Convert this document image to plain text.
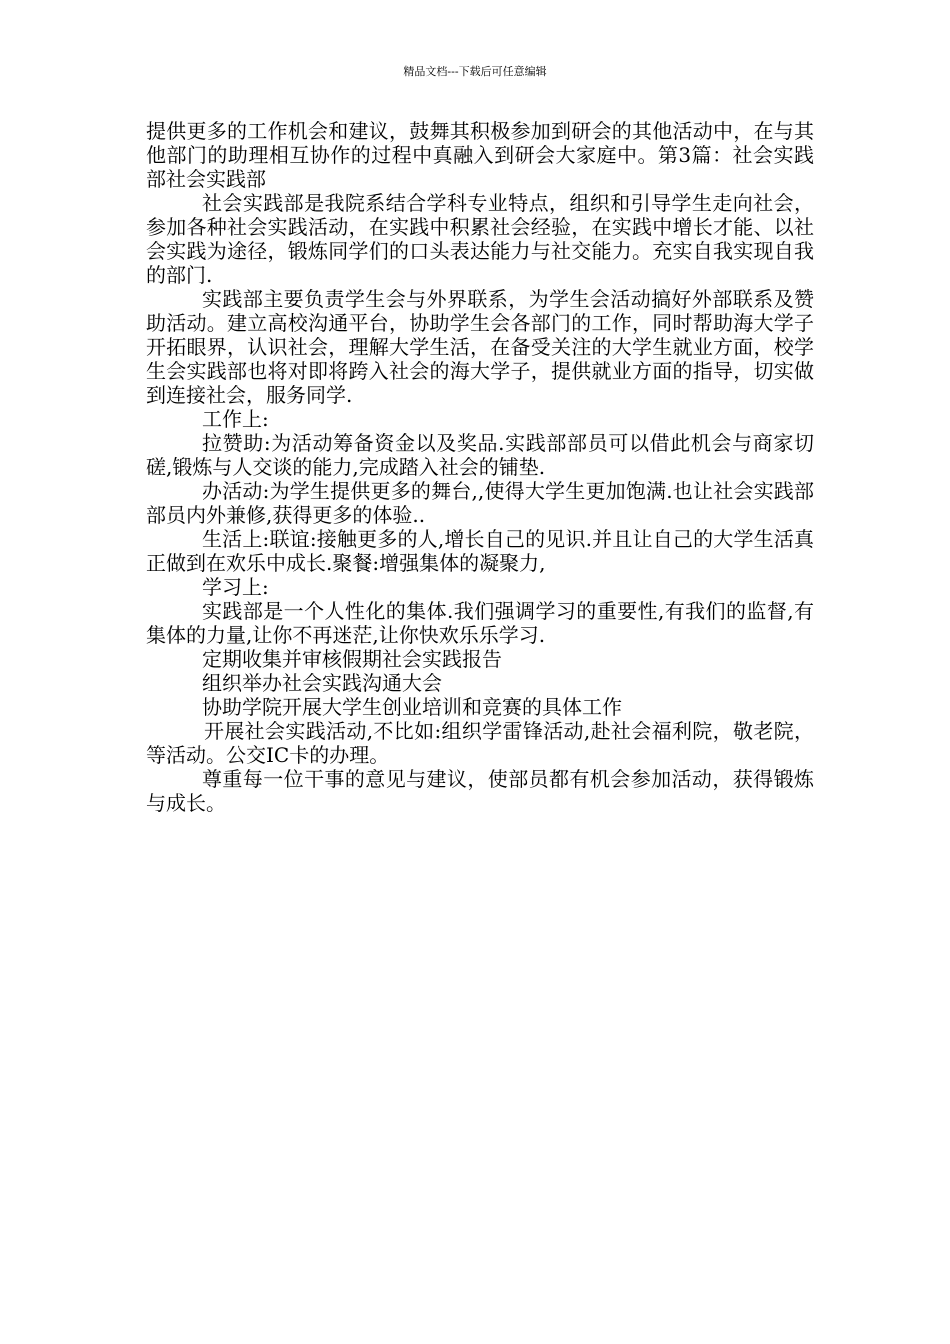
精品文档---下载后可任意编辑

提供更多的工作机会和建议，鼓舞其积极参加到研会的其他活动中，在与其他部门的助理相互协作的过程中真融入到研会大家庭中。第3篇：社会实践部社会实践部

社会实践部是我院系结合学科专业特点，组织和引导学生走向社会，参加各种社会实践活动，在实践中积累社会经验，在实践中增长才能、以社会实践为途径，锻炼同学们的口头表达能力与社交能力。充实自我实现自我的部门.

实践部主要负责学生会与外界联系，为学生会活动搞好外部联系及赞助活动。建立高校沟通平台，协助学生会各部门的工作，同时帮助海大学子开拓眼界，认识社会，理解大学生活，在备受关注的大学生就业方面，校学生会实践部也将对即将跨入社会的海大学子，提供就业方面的指导，切实做到连接社会，服务同学.

工作上:

拉赞助:为活动筹备资金以及奖品.实践部部员可以借此机会与商家切磋,锻炼与人交谈的能力,完成踏入社会的铺垫.

办活动:为学生提供更多的舞台,,使得大学生更加饱满.也让社会实践部部员内外兼修,获得更多的体验..

生活上:联谊:接触更多的人,增长自己的见识.并且让自己的大学生活真正做到在欢乐中成长.聚餐:增强集体的凝聚力,

学习上:

实践部是一个人性化的集体.我们强调学习的重要性,有我们的监督,有集体的力量,让你不再迷茫,让你快欢乐乐学习.

定期收集并审核假期社会实践报告

组织举办社会实践沟通大会

协助学院开展大学生创业培训和竞赛的具体工作

开展社会实践活动,不比如:组织学雷锋活动,赴社会福利院，敬老院，等活动。公交IC卡的办理。

尊重每一位干事的意见与建议，使部员都有机会参加活动，获得锻炼与成长。
